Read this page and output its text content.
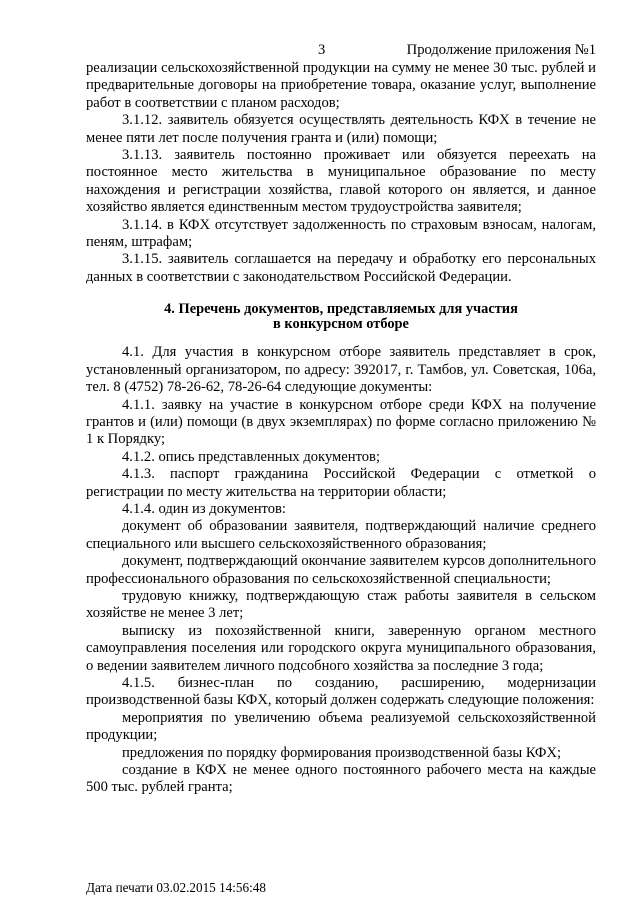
3	Продолжение приложения №1

реализации сельскохозяйственной продукции на сумму не менее 30 тыс. рублей и предварительные договоры на приобретение товара, оказание услуг, выполнение работ в соответствии с планом расходов;

3.1.12. заявитель обязуется осуществлять деятельность КФХ в течение не менее пяти лет после получения гранта и (или) помощи;

3.1.13. заявитель постоянно проживает или обязуется переехать на постоянное место жительства в муниципальное образование по месту нахождения и регистрации хозяйства, главой которого он является, и данное хозяйство является единственным местом трудоустройства заявителя;

3.1.14. в КФХ отсутствует задолженность по страховым взносам, налогам, пеням, штрафам;

3.1.15. заявитель соглашается на передачу и обработку его персональных данных в соответствии с законодательством Российской Федерации.

4. Перечень документов, представляемых для участия
в конкурсном отборе

4.1. Для участия в конкурсном отборе заявитель представляет в срок, установленный организатором, по адресу: 392017, г. Тамбов, ул. Советская, 106а, тел. 8 (4752) 78-26-62, 78-26-64 следующие документы:

4.1.1. заявку на участие в конкурсном отборе среди КФХ на получение грантов и (или) помощи (в двух экземплярах) по форме согласно приложению № 1 к Порядку;

4.1.2. опись представленных документов;

4.1.3. паспорт гражданина Российской Федерации с отметкой о регистрации по месту жительства на территории области;

4.1.4. один из документов:

документ об образовании заявителя, подтверждающий наличие среднего специального или высшего сельскохозяйственного образования;

документ, подтверждающий окончание заявителем курсов дополнительного профессионального образования по сельскохозяйственной специальности;

трудовую книжку, подтверждающую стаж работы заявителя в сельском хозяйстве не менее 3 лет;

выписку из похозяйственной книги, заверенную органом местного самоуправления поселения или городского округа муниципального образования, о ведении заявителем личного подсобного хозяйства за последние 3 года;

4.1.5. бизнес-план по созданию, расширению, модернизации производственной базы КФХ, который должен содержать следующие положения:

мероприятия по увеличению объема реализуемой сельскохозяйственной продукции;

предложения по порядку формирования производственной базы КФХ;

создание в КФХ не менее одного постоянного рабочего места на каждые 500 тыс. рублей гранта;

Дата печати 03.02.2015 14:56:48
